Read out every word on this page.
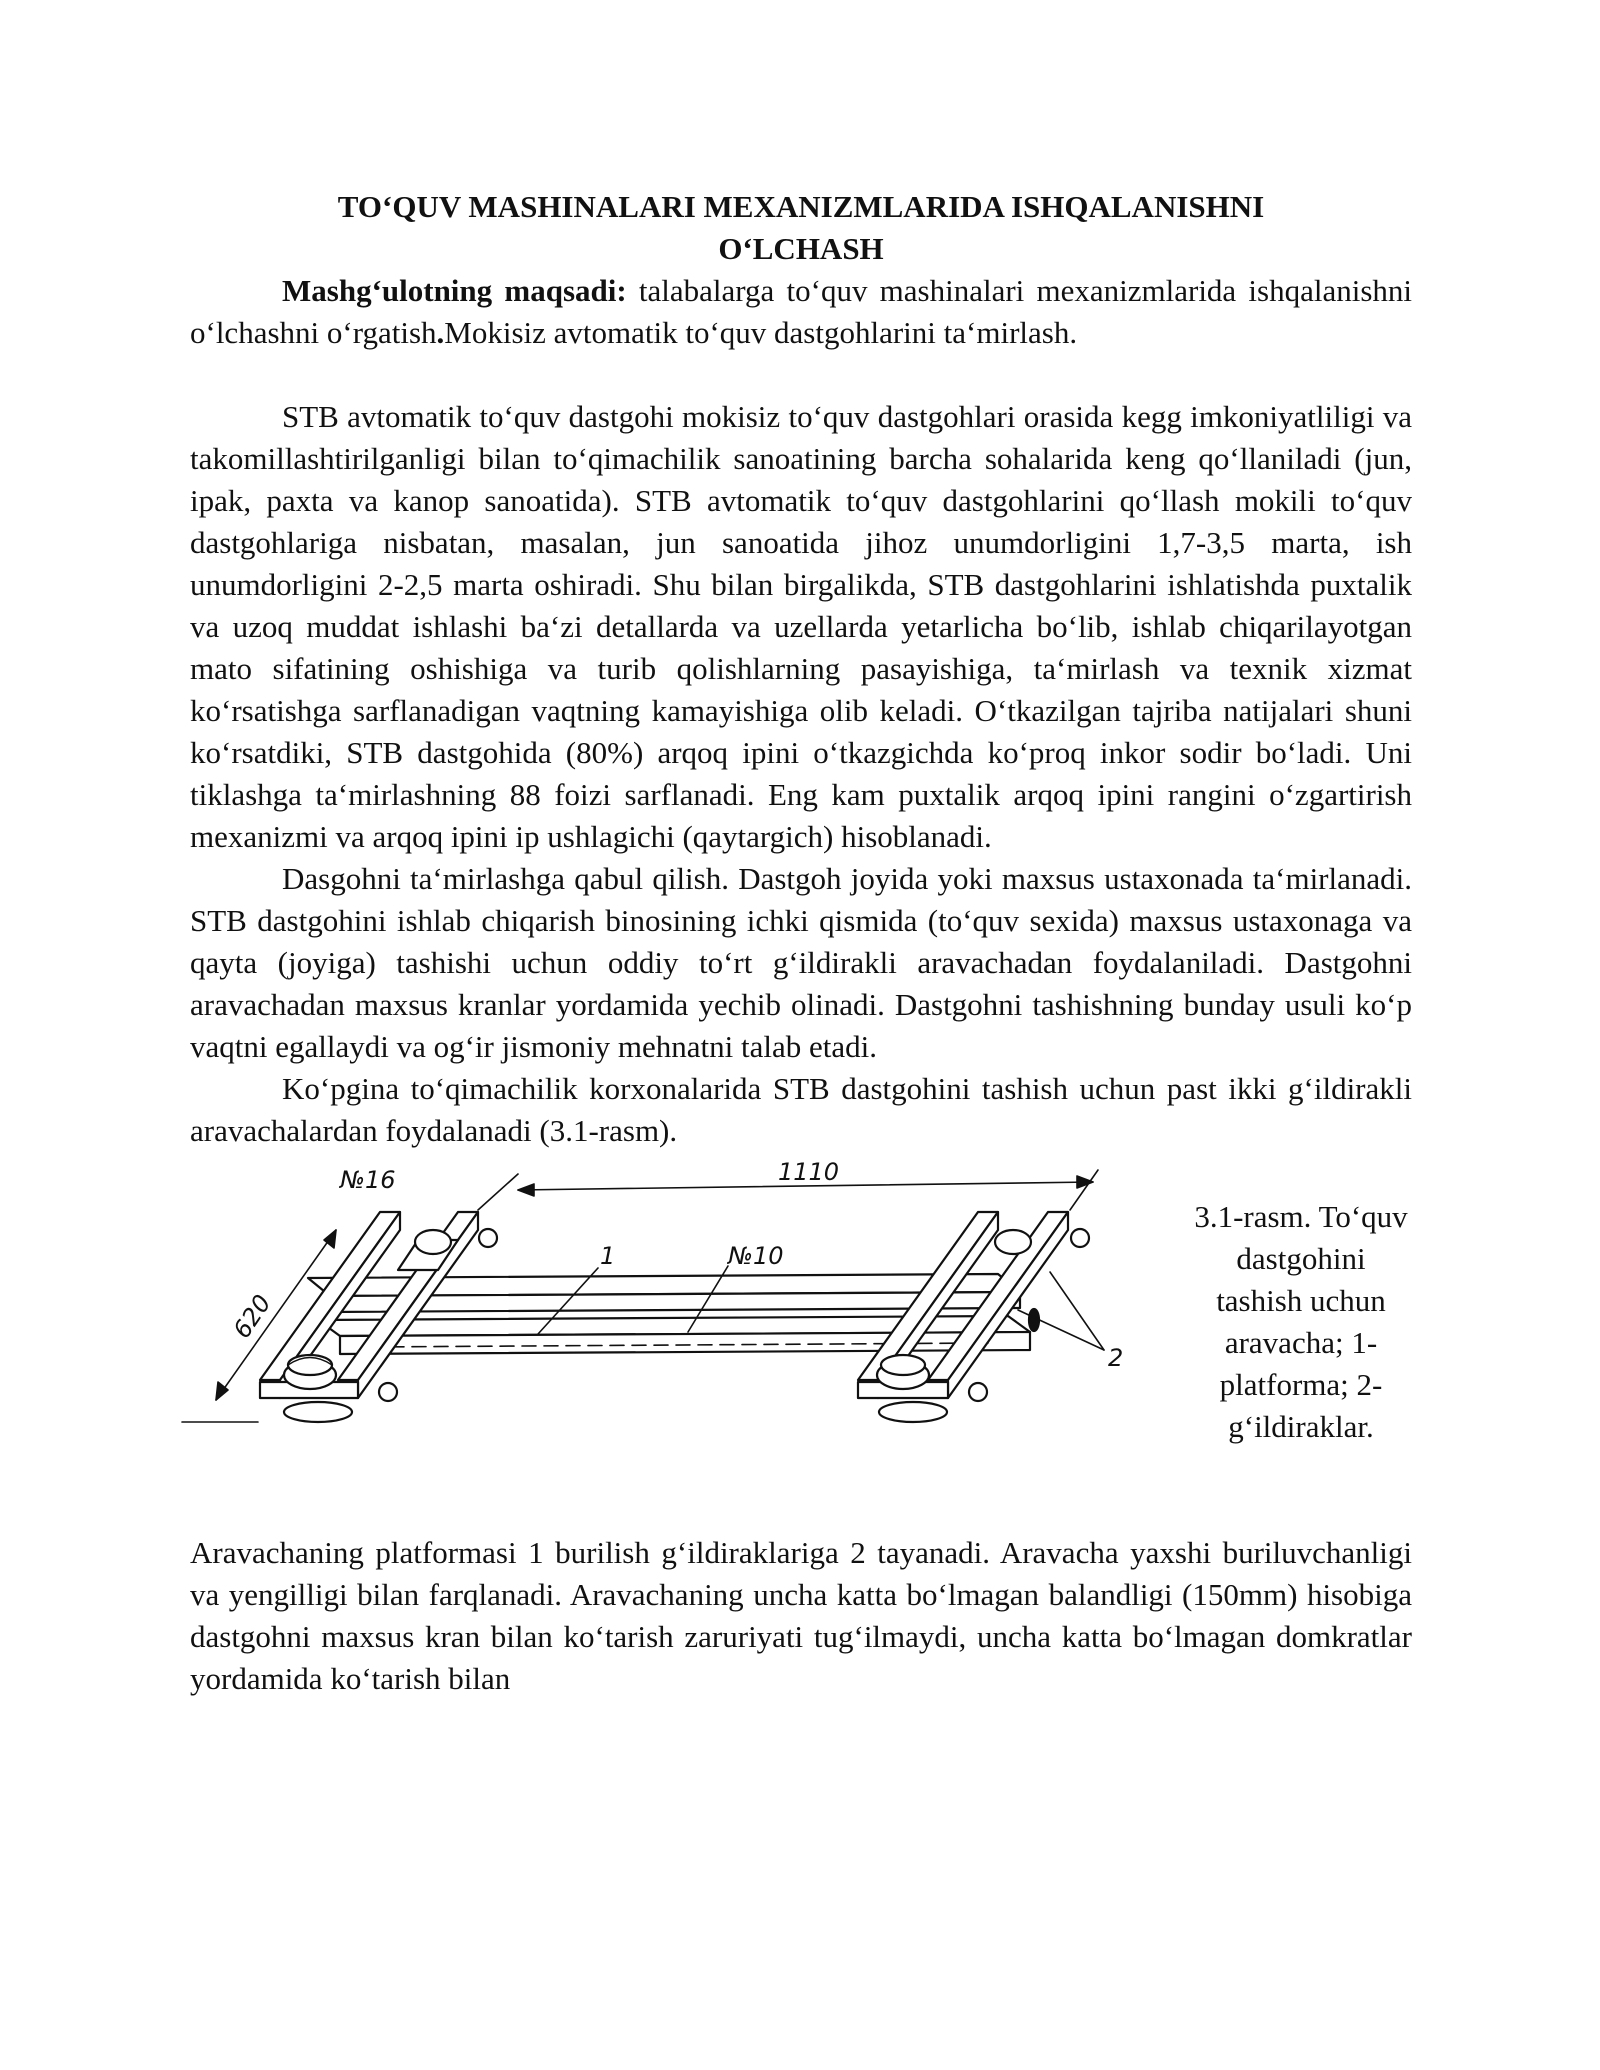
TO‘QUV MASHINALARI MEXANIZMLARIDA ISHQALANISHNI
O‘LCHASH

Mashg‘ulotning maqsadi: talabalarga to‘quv mashinalari mexanizmlarida ishqalanishni o‘lchashni o‘rgatish.Mokisiz avtomatik to‘quv dastgohlarini ta‘mirlash.

STB avtomatik to‘quv dastgohi mokisiz to‘quv dastgohlari orasida kegg imkoniyatliligi va takomillashtirilganligi bilan to‘qimachilik sanoatining barcha sohalarida keng qo‘llaniladi (jun, ipak, paxta va kanop sanoatida). STB avtomatik to‘quv dastgohlarini qo‘llash mokili to‘quv dastgohlariga nisbatan, masalan, jun sanoatida jihoz unumdorligini 1,7-3,5 marta, ish unumdorligini 2-2,5 marta oshiradi. Shu bilan birgalikda, STB dastgohlarini ishlatishda puxtalik va uzoq muddat ishlashi ba‘zi detallarda va uzellarda yetarlicha bo‘lib, ishlab chiqarilayotgan mato sifatining oshishiga va turib qolishlarning pasayishiga, ta‘mirlash va texnik xizmat ko‘rsatishga sarflanadigan vaqtning kamayishiga olib keladi. O‘tkazilgan tajriba natijalari shuni ko‘rsatdiki, STB dastgohida (80%) arqoq ipini o‘tkazgichda ko‘proq inkor sodir bo‘ladi. Uni tiklashga ta‘mirlashning 88 foizi sarflanadi. Eng kam puxtalik arqoq ipini rangini o‘zgartirish mexanizmi va arqoq ipini ip ushlagichi (qaytargich) hisoblanadi.

Dasgohni ta‘mirlashga qabul qilish. Dastgoh joyida yoki maxsus ustaxonada ta‘mirlanadi. STB dastgohini ishlab chiqarish binosining ichki qismida (to‘quv sexida) maxsus ustaxonaga va qayta (joyiga) tashishi uchun oddiy to‘rt g‘ildirakli aravachadan foydalaniladi. Dastgohni aravachadan maxsus kranlar yordamida yechib olinadi. Dastgohni tashishning bunday usuli ko‘p vaqtni egallaydi va og‘ir jismoniy mehnatni talab etadi.

Ko‘pgina to‘qimachilik korxonalarida STB dastgohini tashish uchun past ikki g‘ildirakli aravachalardan foydalanadi (3.1-rasm).

№16	1110
1	№10
620
2
3.1-rasm. To‘quv dastgohini tashish uchun aravacha; 1-platforma; 2-g‘ildiraklar.

Aravachaning platformasi 1 burilish g‘ildiraklariga 2 tayanadi. Aravacha yaxshi buriluvchanligi va yengilligi bilan farqlanadi. Aravachaning uncha katta bo‘lmagan balandligi (150mm) hisobiga dastgohni maxsus kran bilan ko‘tarish zaruriyati tug‘ilmaydi, uncha katta bo‘lmagan domkratlar yordamida ko‘tarish bilan
